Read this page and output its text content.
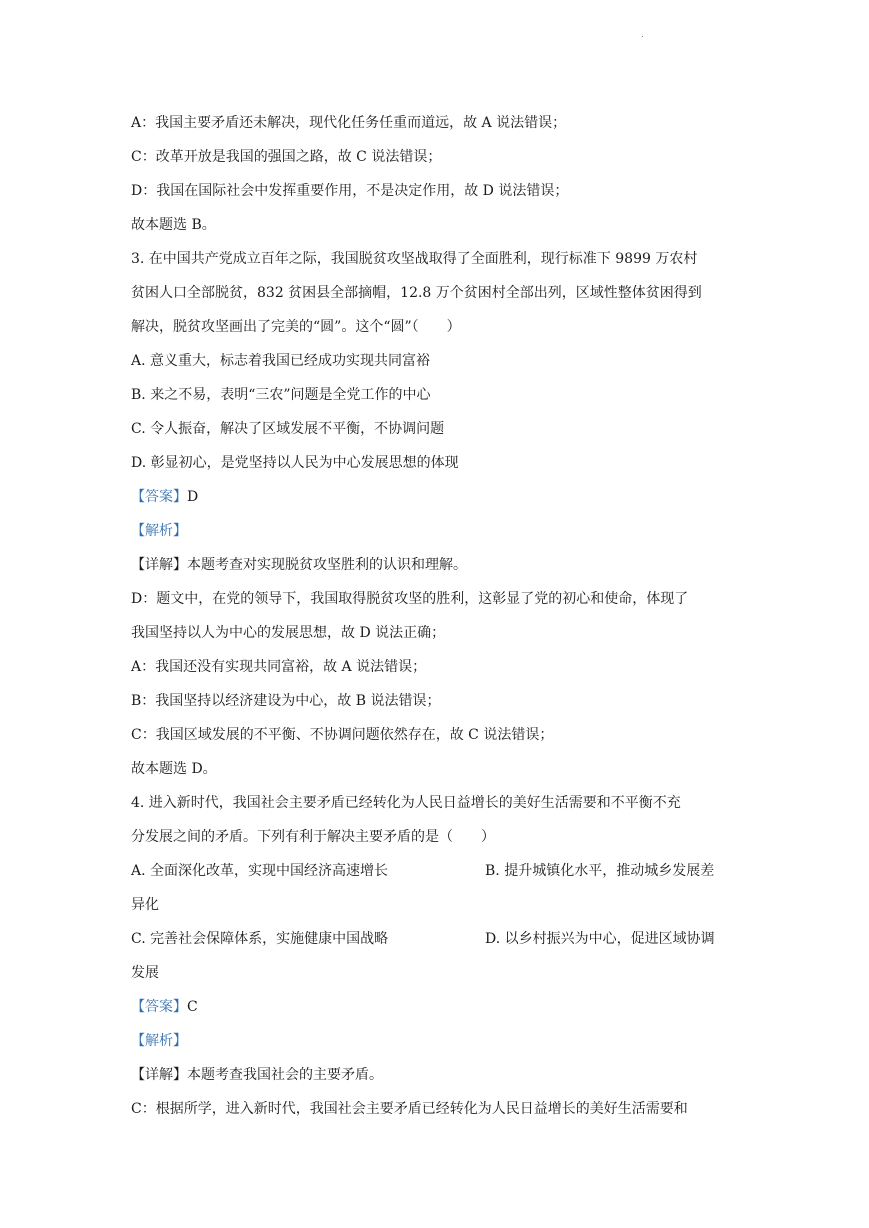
.
A：我国主要矛盾还未解决，现代化任务任重而道远，故 A 说法错误；
C：改革开放是我国的强国之路，故 C 说法错误；
D：我国在国际社会中发挥重要作用，不是决定作用，故 D 说法错误；
故本题选 B。
3. 在中国共产党成立百年之际，我国脱贫攻坚战取得了全面胜利，现行标准下 9899 万农村
贫困人口全部脱贫，832 贫困县全部摘帽，12.8 万个贫困村全部出列，区域性整体贫困得到
解决，脱贫攻坚画出了完美的“圆”。这个“圆”（　　）
A. 意义重大，标志着我国已经成功实现共同富裕
B. 来之不易，表明“三农”问题是全党工作的中心
C. 令人振奋，解决了区域发展不平衡，不协调问题
D. 彰显初心，是党坚持以人民为中心发展思想的体现
【答案】D
【解析】
【详解】本题考查对实现脱贫攻坚胜利的认识和理解。
D：题文中，在党的领导下，我国取得脱贫攻坚的胜利，这彰显了党的初心和使命，体现了
我国坚持以人为中心的发展思想，故 D 说法正确；
A：我国还没有实现共同富裕，故 A 说法错误；
B：我国坚持以经济建设为中心，故 B 说法错误；
C：我国区域发展的不平衡、不协调问题依然存在，故 C 说法错误；
故本题选 D。
4. 进入新时代，我国社会主要矛盾已经转化为人民日益增长的美好生活需要和不平衡不充
分发展之间的矛盾。下列有利于解决主要矛盾的是（　　）
A. 全面深化改革，实现中国经济高速增长	B. 提升城镇化水平，推动城乡发展差
异化
C. 完善社会保障体系，实施健康中国战略	D. 以乡村振兴为中心，促进区域协调
发展
【答案】C
【解析】
【详解】本题考查我国社会的主要矛盾。
C：根据所学，进入新时代，我国社会主要矛盾已经转化为人民日益增长的美好生活需要和
